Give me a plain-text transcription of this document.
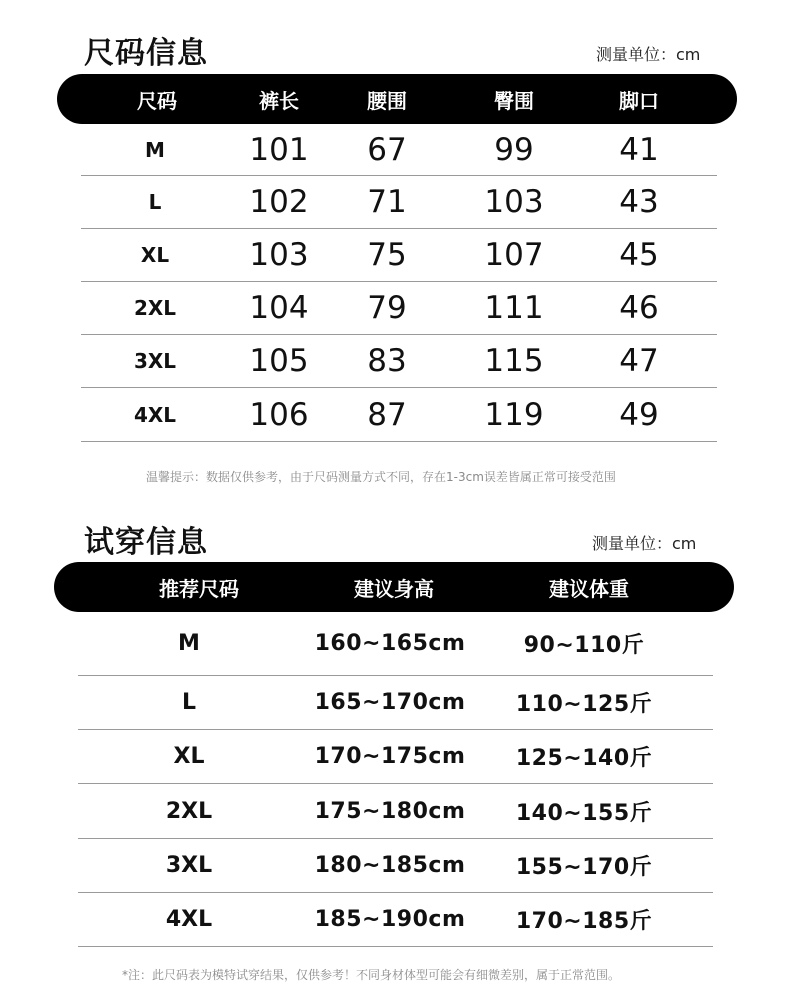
尺码信息	测量单位：cm
尺码	裤长	腰围	臀围	脚口
M	101	67	99	41
L	102	71	103	43
XL	103	75	107	45
2XL	104	79	111	46
3XL	105	83	115	47
4XL	106	87	119	49
温馨提示：数据仅供参考，由于尺码测量方式不同，存在1-3cm误差皆属正常可接受范围
试穿信息	测量单位：cm
推荐尺码	建议身高	建议体重
M	160~165cm	90~110斤
L	165~170cm	110~125斤
XL	170~175cm	125~140斤
2XL	175~180cm	140~155斤
3XL	180~185cm	155~170斤
4XL	185~190cm	170~185斤
*注：此尺码表为模特试穿结果，仅供参考！不同身材体型可能会有细微差别，属于正常范围。
